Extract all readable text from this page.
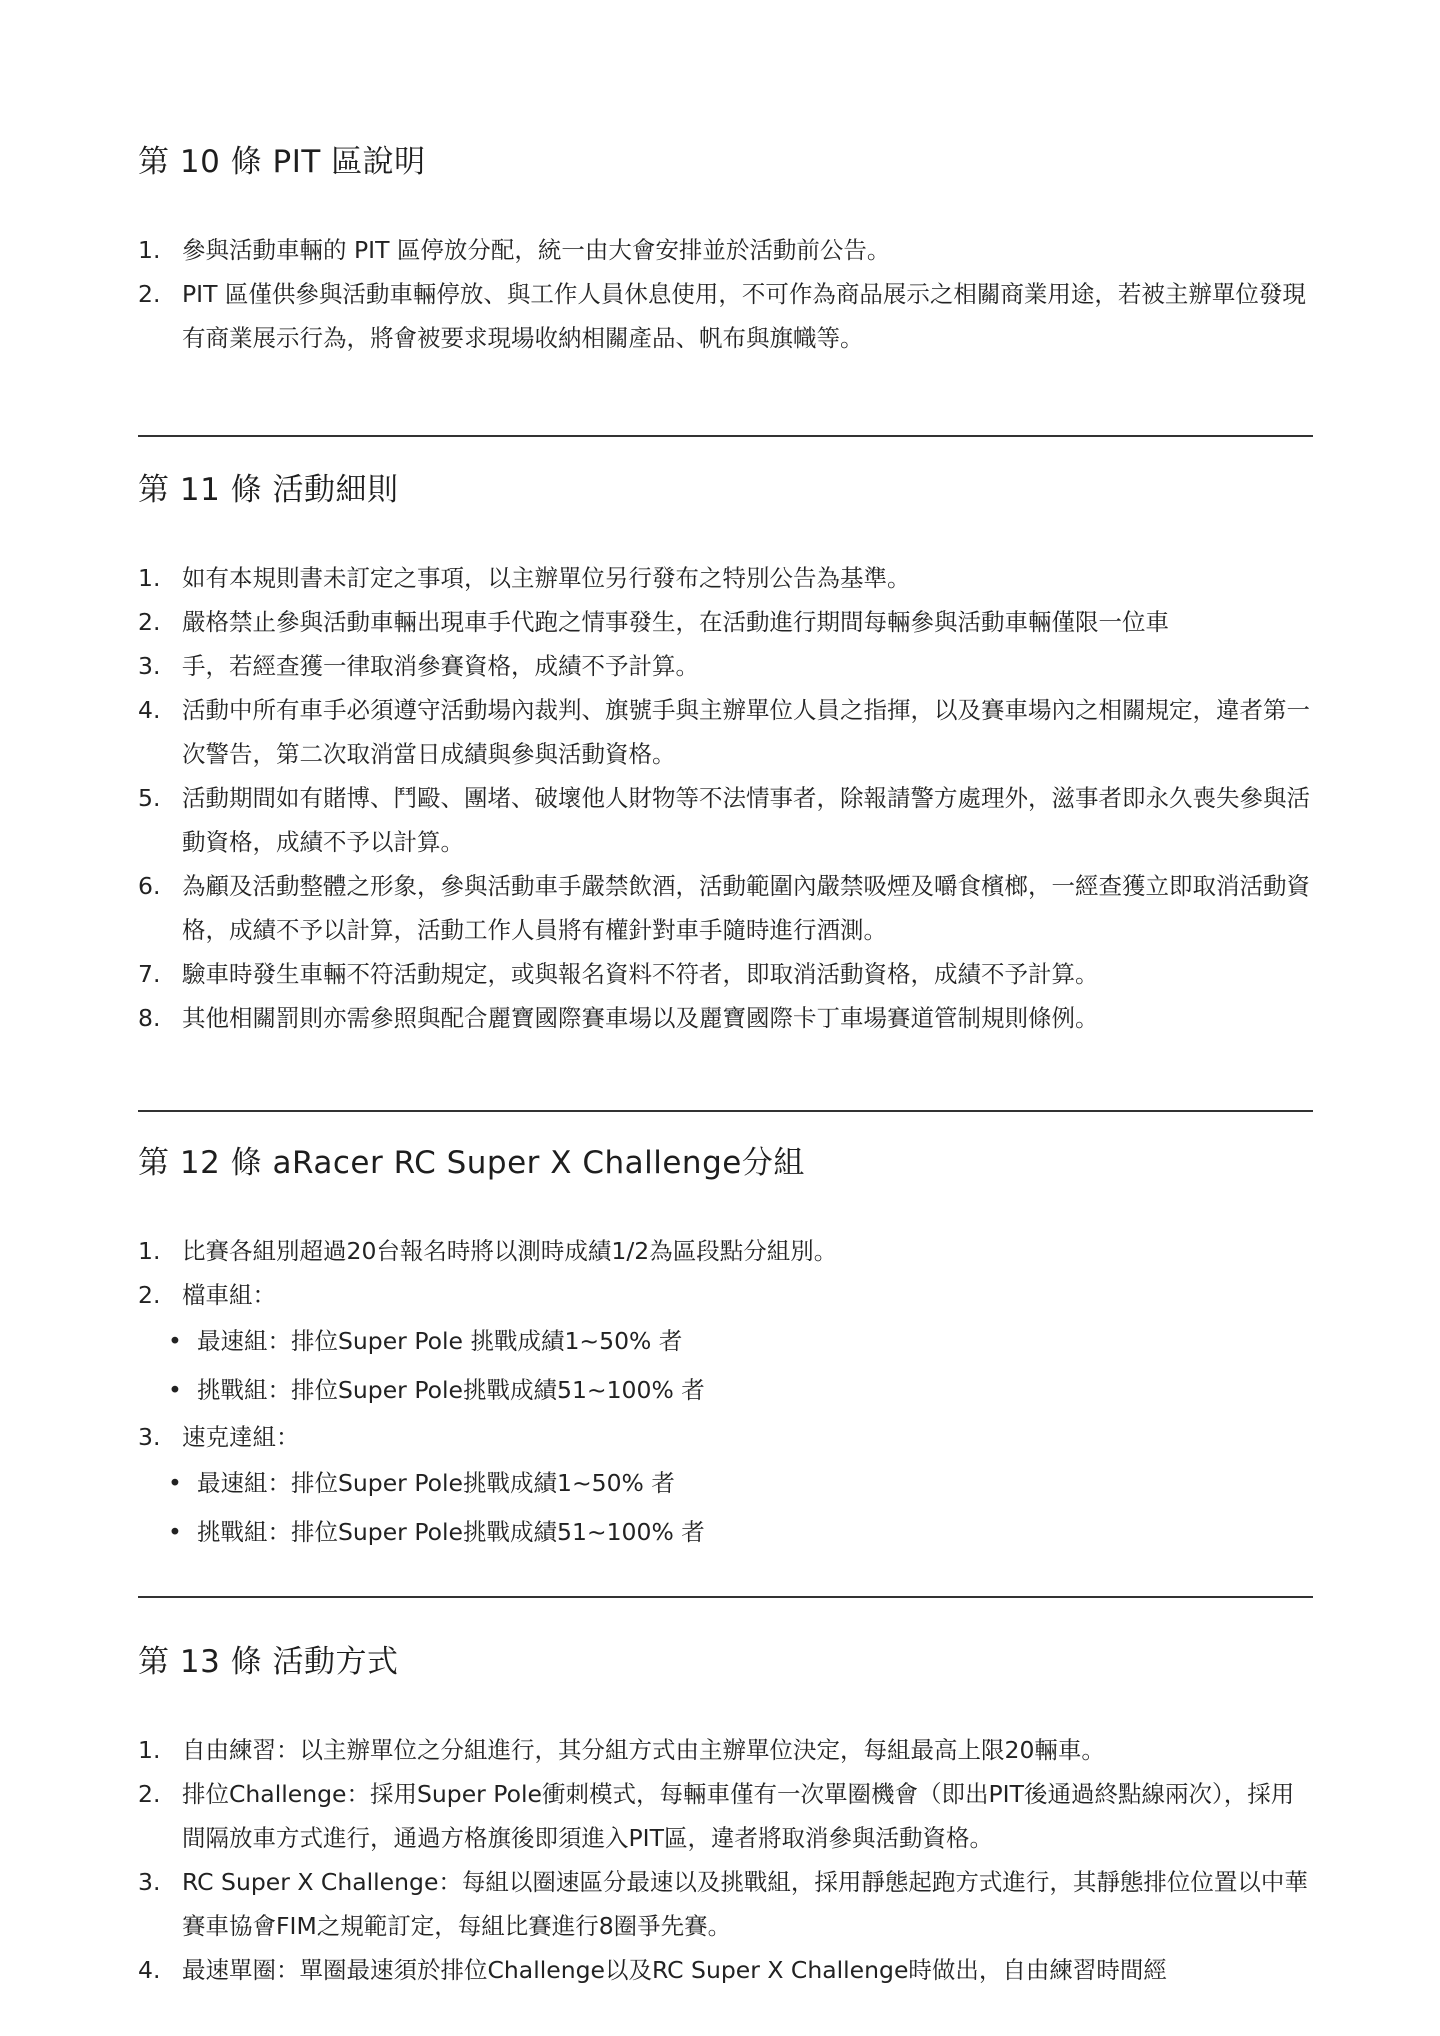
第 10 條 PIT 區說明
1. 參與活動車輛的 PIT 區停放分配，統一由大會安排並於活動前公告。
2. PIT 區僅供參與活動車輛停放、與工作人員休息使用，不可作為商品展示之相關商業用途，若被主辦單位發現有商業展示行為，將會被要求現場收納相關產品、帆布與旗幟等。
第 11 條 活動細則
1. 如有本規則書未訂定之事項，以主辦單位另行發布之特別公告為基準。
2. 嚴格禁止參與活動車輛出現車手代跑之情事發生，在活動進行期間每輛參與活動車輛僅限一位車
3. 手，若經查獲一律取消參賽資格，成績不予計算。
4. 活動中所有車手必須遵守活動場內裁判、旗號手與主辦單位人員之指揮，以及賽車場內之相關規定，違者第一次警告，第二次取消當日成績與參與活動資格。
5. 活動期間如有賭博、鬥毆、團堵、破壞他人財物等不法情事者，除報請警方處理外，滋事者即永久喪失參與活動資格，成績不予以計算。
6. 為顧及活動整體之形象，參與活動車手嚴禁飲酒，活動範圍內嚴禁吸煙及嚼食檳榔，一經查獲立即取消活動資格，成績不予以計算，活動工作人員將有權針對車手隨時進行酒測。
7. 驗車時發生車輛不符活動規定，或與報名資料不符者，即取消活動資格，成績不予計算。
8. 其他相關罰則亦需參照與配合麗寶國際賽車場以及麗寶國際卡丁車場賽道管制規則條例。
第 12 條 aRacer RC Super X Challenge分組
1. 比賽各組別超過20台報名時將以測時成績1/2為區段點分組別。
2. 檔車組：
• 最速組：排位Super Pole 挑戰成績1~50% 者
• 挑戰組：排位Super Pole挑戰成績51~100% 者
3. 速克達組：
• 最速組：排位Super Pole挑戰成績1~50% 者
• 挑戰組：排位Super Pole挑戰成績51~100% 者
第 13 條 活動方式
1. 自由練習：以主辦單位之分組進行，其分組方式由主辦單位決定，每組最高上限20輛車。
2. 排位Challenge：採用Super Pole衝刺模式，每輛車僅有一次單圈機會（即出PIT後通過終點線兩次），採用間隔放車方式進行，通過方格旗後即須進入PIT區，違者將取消參與活動資格。
3. RC Super X Challenge：每組以圈速區分最速以及挑戰組，採用靜態起跑方式進行，其靜態排位位置以中華賽車協會FIM之規範訂定，每組比賽進行8圈爭先賽。
4. 最速單圈：單圈最速須於排位Challenge以及RC Super X Challenge時做出，自由練習時間經
